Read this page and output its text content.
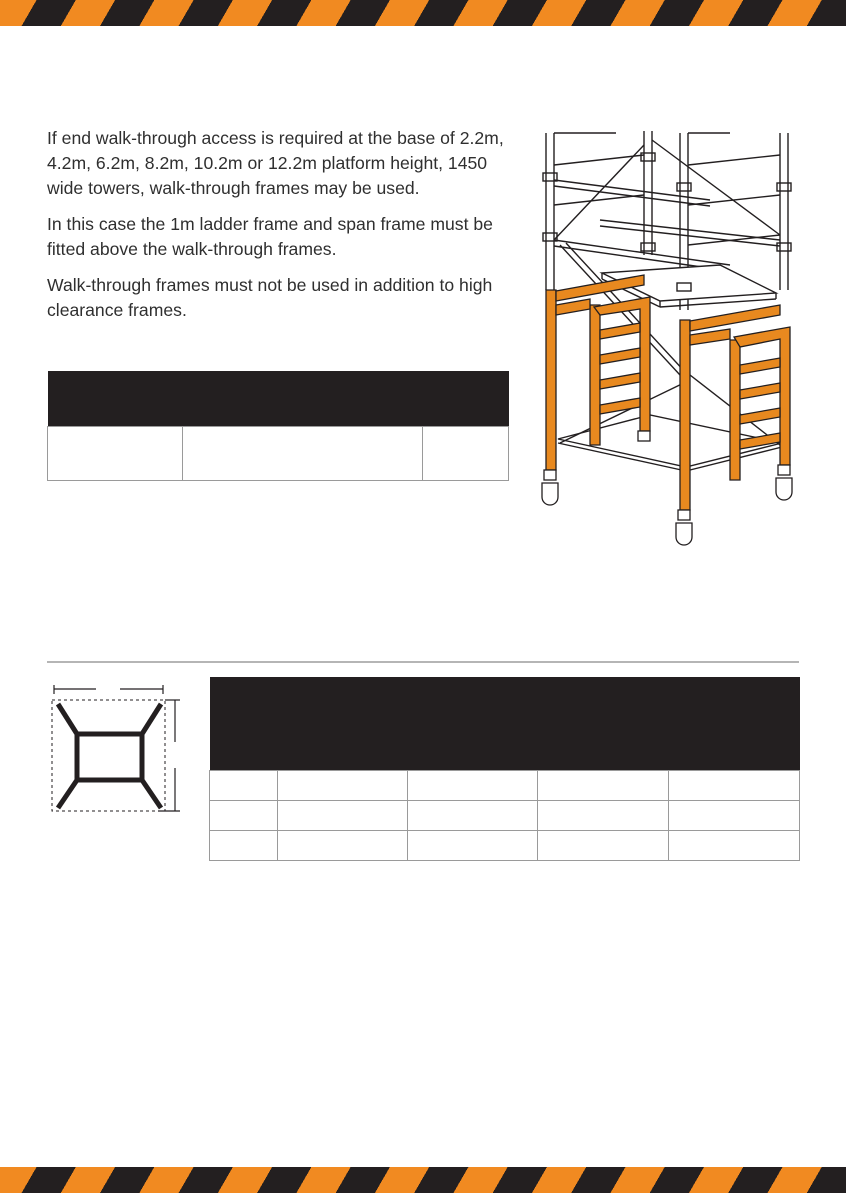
If end walk-through access is required at the base of 2.2m, 4.2m, 6.2m, 8.2m, 10.2m or 12.2m platform height, 1450 wide towers, walk-through frames may be used.

In this case the 1m ladder frame and span frame must be fitted above the walk-through frames.

Walk-through frames must not be used in addition to high clearance frames.
